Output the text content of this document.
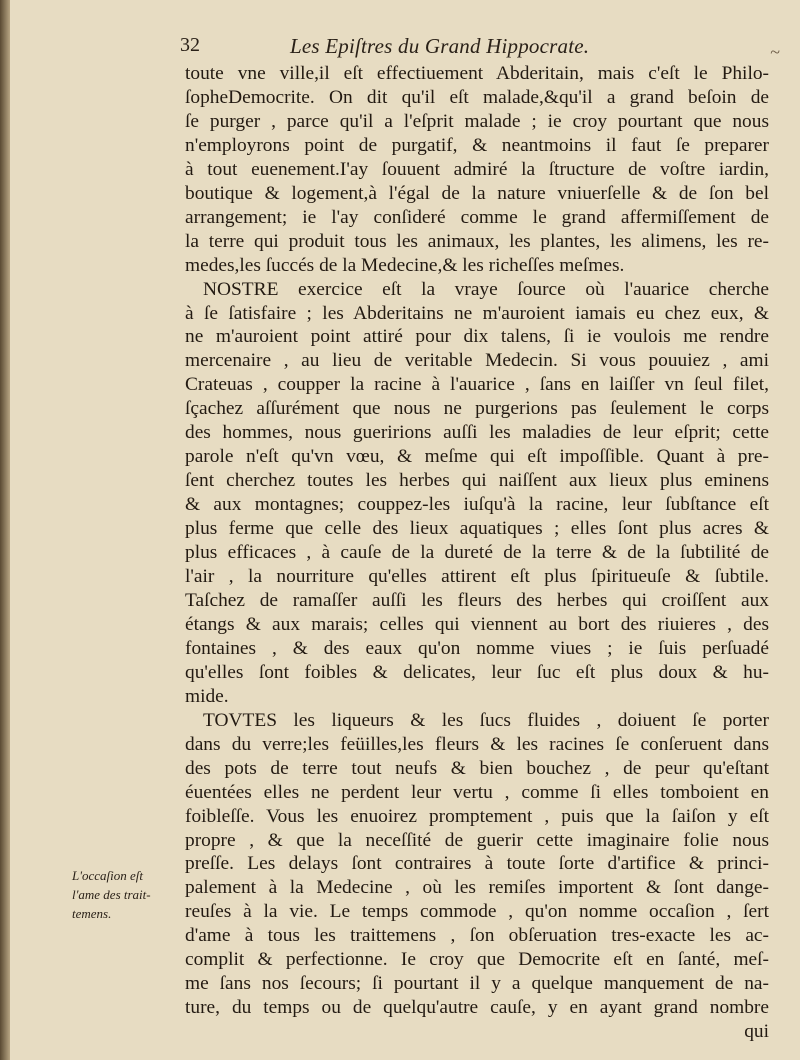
32	Les Epiſtres du Grand Hippocrate.	~
toute vne ville,il eſt effectiuement Abderitain, mais c'eſt le Philo-
ſopheDemocrite. On dit qu'il eſt malade,&qu'il a grand beſoin de
ſe purger , parce qu'il a l'eſprit malade ; ie croy pourtant que nous
n'employrons point de purgatif, & neantmoins il faut ſe preparer
à tout euenement.I'ay ſouuent admiré la ſtructure de voſtre iardin,
boutique & logement,à l'égal de la nature vniuerſelle & de ſon bel
arrangement; ie l'ay conſideré comme le grand affermiſſement de
la terre qui produit tous les animaux, les plantes, les alimens, les re-
medes,les ſuccés de la Medecine,& les richeſſes meſmes.
NOSTRE exercice eſt la vraye ſource où l'auarice cherche
à ſe ſatisfaire ; les Abderitains ne m'auroient iamais eu chez eux, &
ne m'auroient point attiré pour dix talens, ſi ie voulois me rendre
mercenaire , au lieu de veritable Medecin. Si vous pouuiez , ami
Crateuas , coupper la racine à l'auarice , ſans en laiſſer vn ſeul filet,
ſçachez aſſurément que nous ne purgerions pas ſeulement le corps
des hommes, nous gueririons auſſi les maladies de leur eſprit; cette
parole n'eſt qu'vn vœu, & meſme qui eſt impoſſible. Quant à pre-
ſent cherchez toutes les herbes qui naiſſent aux lieux plus eminens
& aux montagnes; couppez-les iuſqu'à la racine, leur ſubſtance eſt
plus ferme que celle des lieux aquatiques ; elles ſont plus acres &
plus efficaces , à cauſe de la dureté de la terre & de la ſubtilité de
l'air , la nourriture qu'elles attirent eſt plus ſpiritueuſe & ſubtile.
Taſchez de ramaſſer auſſi les fleurs des herbes qui croiſſent aux
étangs & aux marais; celles qui viennent au bort des riuieres , des
fontaines , & des eaux qu'on nomme viues ; ie ſuis perſuadé
qu'elles ſont foibles & delicates, leur ſuc eſt plus doux & hu-
mide.
TOVTES les liqueurs & les ſucs fluides , doiuent ſe porter
dans du verre;les feüilles,les fleurs & les racines ſe conſeruent dans
des pots de terre tout neufs & bien bouchez , de peur qu'eſtant
éuentées elles ne perdent leur vertu , comme ſi elles tomboient en
foibleſſe. Vous les enuoirez promptement , puis que la ſaiſon y eſt
propre , & que la neceſſité de guerir cette imaginaire folie nous
preſſe. Les delays ſont contraires à toute ſorte d'artifice & princi-
palement à la Medecine , où les remiſes importent & ſont dange-
reuſes à la vie. Le temps commode , qu'on nomme occaſion , ſert
d'ame à tous les traittemens , ſon obſeruation tres-exacte les ac-
complit & perfectionne. Ie croy que Democrite eſt en ſanté, meſ-
me ſans nos ſecours; ſi pourtant il y a quelque manquement de na-
ture, du temps ou de quelqu'autre cauſe, y en ayant grand nombre
qui
L'occaſion eſt
l'ame des trait-
temens.
